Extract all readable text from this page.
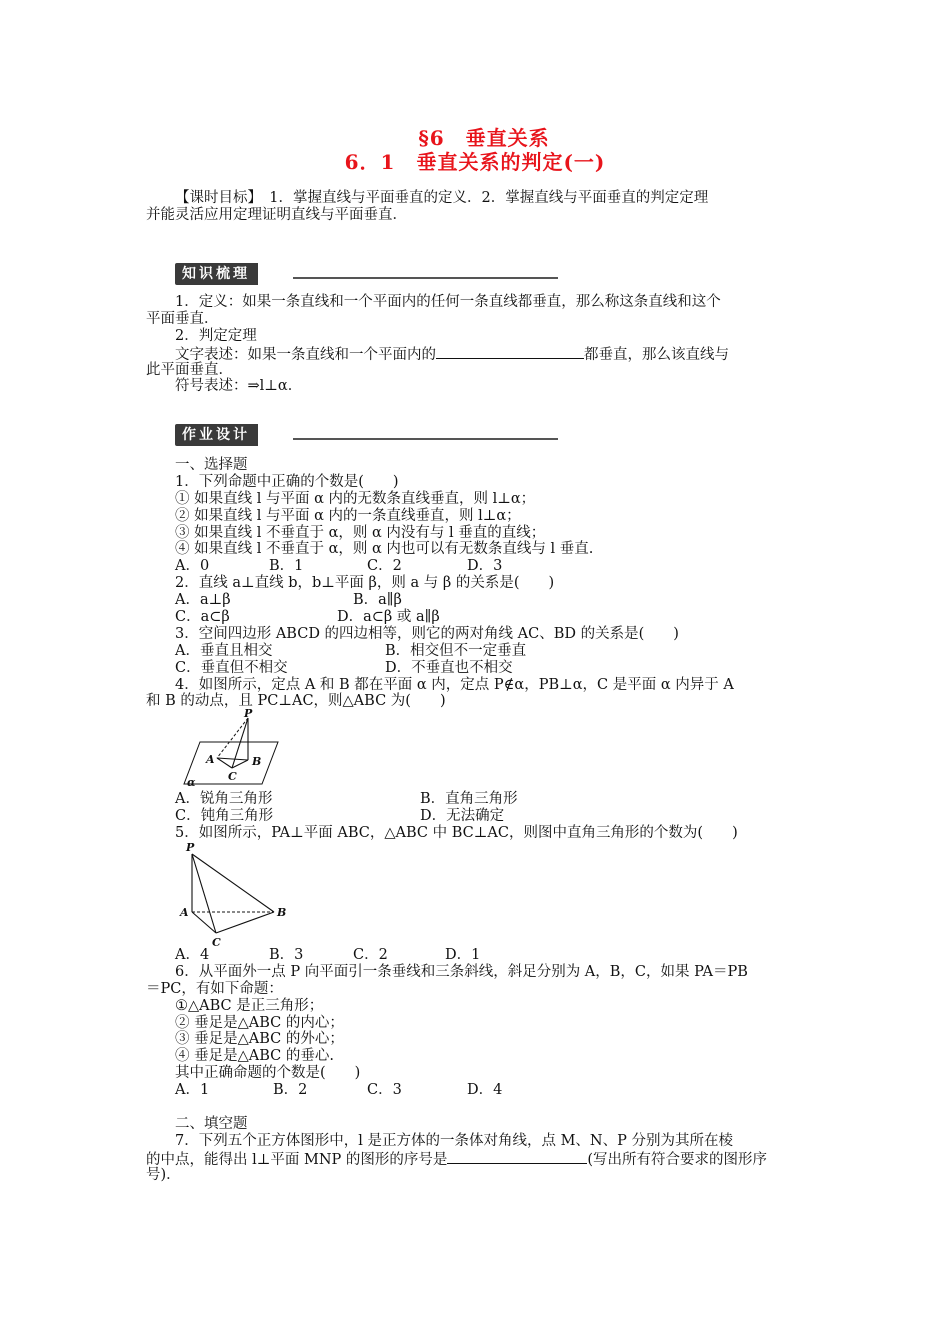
§6　垂直关系
6．1　垂直关系的判定(一)
【课时目标】　1．掌握直线与平面垂直的定义．2．掌握直线与平面垂直的判定定理
并能灵活应用定理证明直线与平面垂直．
知识梳理
1．定义：如果一条直线和一个平面内的任何一条直线都垂直，那么称这条直线和这个
平面垂直．
2．判定定理
文字表述：如果一条直线和一个平面内的	都垂直，那么该直线与
此平面垂直．
符号表述：⇒l⊥α．
作业设计
一、选择题
1．下列命题中正确的个数是(　　)
① 如果直线 l 与平面 α 内的无数条直线垂直，则 l⊥α；
② 如果直线 l 与平面 α 内的一条直线垂直，则 l⊥α；
③ 如果直线 l 不垂直于 α，则 α 内没有与 l 垂直的直线；
④ 如果直线 l 不垂直于 α，则 α 内也可以有无数条直线与 l 垂直.
A．0	B．1	C．2	D．3
2．直线 a⊥直线 b，b⊥平面 β，则 a 与 β 的关系是(　　)
A．a⊥β	B．a∥β
C．a⊂β	D．a⊂β 或 a∥β
3．空间四边形 ABCD 的四边相等，则它的两对角线 AC、BD 的关系是(　　)
A．垂直且相交	B．相交但不一定垂直
C．垂直但不相交	D．不垂直也不相交
4．如图所示，定点 A 和 B 都在平面 α 内，定点 P∉α，PB⊥α，C 是平面 α 内异于 A
和 B 的动点，且 PC⊥AC，则△ABC 为(　　)
P
A	B
C
α
A．锐角三角形	B．直角三角形
C．钝角三角形	D．无法确定
5．如图所示，PA⊥平面 ABC，△ABC 中 BC⊥AC，则图中直角三角形的个数为(　　)
P
A	B
C
A．4	B．3	C．2	D．1
6．从平面外一点 P 向平面引一条垂线和三条斜线，斜足分别为 A，B，C，如果 PA＝PB
＝PC，有如下命题：
①△ABC 是正三角形；
② 垂足是△ABC 的内心；
③ 垂足是△ABC 的外心；
④ 垂足是△ABC 的垂心.
其中正确命题的个数是(　　)
A．1	B．2	C．3	D．4
二、填空题
7．下列五个正方体图形中，l 是正方体的一条体对角线，点 M、N、P 分别为其所在棱
的中点，能得出 l⊥平面 MNP 的图形的序号是	(写出所有符合要求的图形序
号)．
